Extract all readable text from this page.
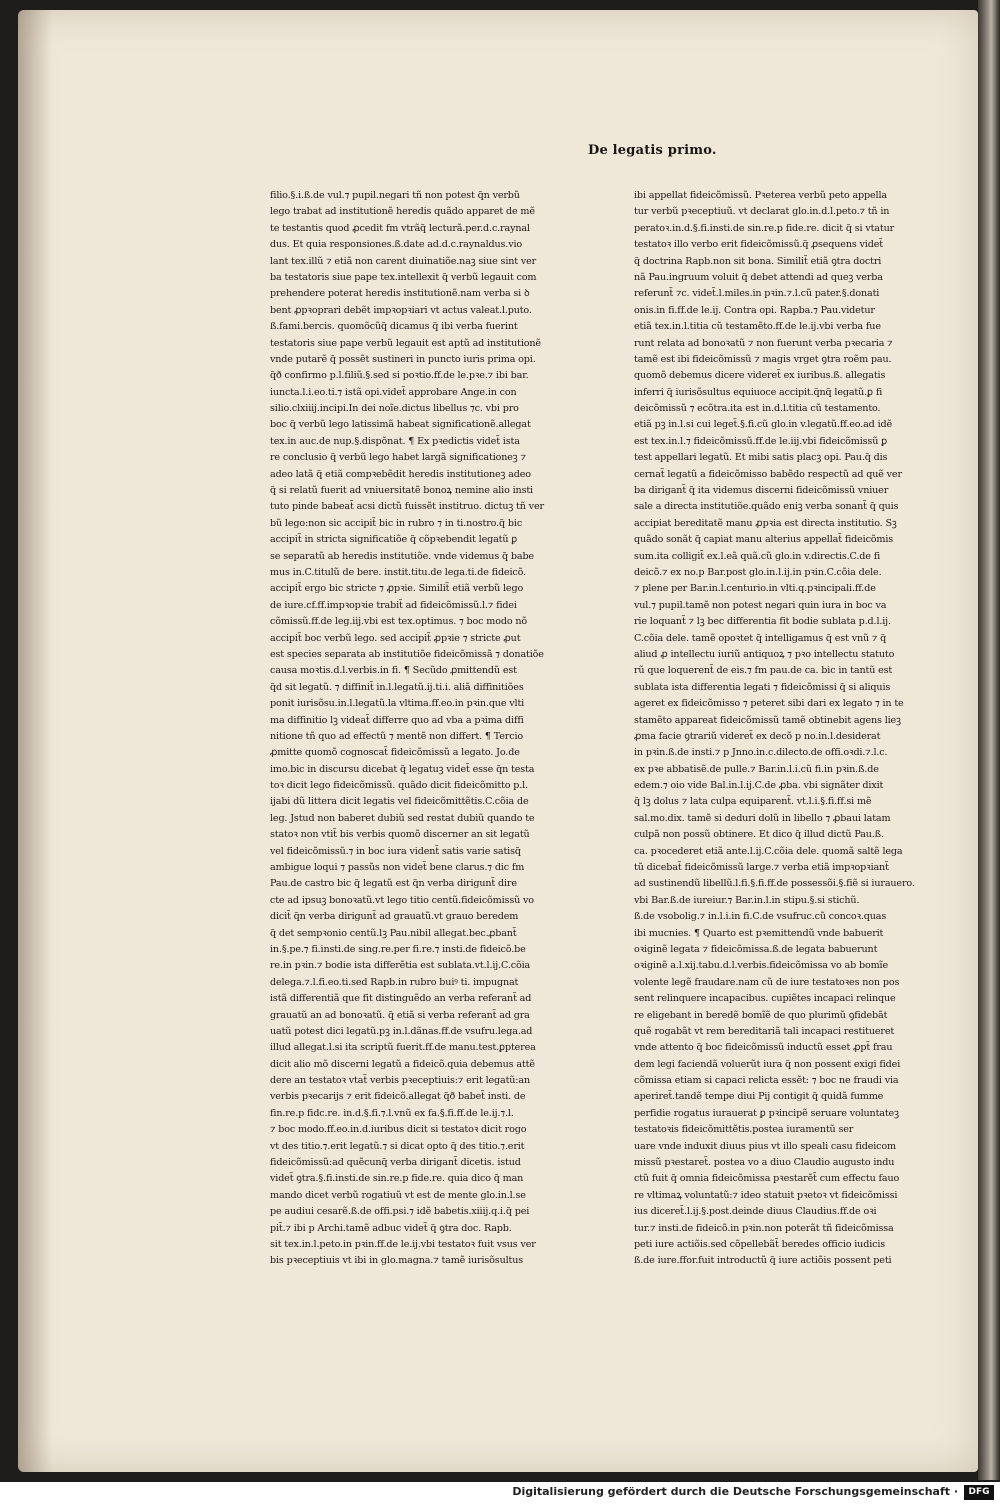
De legatis primo.
filio.§.i.ß.de vul.⁊ pupil.negari tñ non potest q̃n verbũ
lego trabat ad institutionẽ heredis quãdo apparet de mẽ
te testantis quod ꝓcedit fm vtrãq̃ lecturã.per.d.c.raynal
dus. Et quia responsiones.ß.date ad.d.c.raynaldus.vio
lant tex.illũ ⁊ etiã non carent diuinatiõe.naꝫ siue sint ver
ba testatoris siue pape tex.intellexit q̃ verbũ legauit com
prehendere poterat heredis institutionẽ.nam verba si ꝺ
bent ꝓpꝛoprari debẽt impꝛopꝛiari vt actus valeat.l.puto.
ß.fami.bercis. quomõcũq̃ dicamus q̃ ibi verba fuerint
testatoris siue pape verbũ legauit est aptũ ad institutionẽ
vnde putarẽ q̃ possẽt sustineri in puncto iuris prima opi.
q̃ð confirmo p.l.filiũ.§.sed si poꝛtio.ff.de le.pꝛe.⁊ ibi bar.
iuncta.l.i.eo.ti.⁊ istã opi.videt̃ approbare Ange.in con
silio.clxiiij.incipi.In dei noĩe.dictus libellus ⁊c. vbi pro
boc q̃ verbũ lego latissimã habeat significationẽ.allegat
tex.in auc.de nup.§.dispõnat. ¶ Ex pꝛedictis videt̃ ista
re conclusio q̃ verbũ lego habet largã significationeꝫ ⁊
adeo latã q̃ etiã compꝛebẽdit heredis institutioneꝫ adeo
q̃ si relatũ fuerit ad vniuersitatẽ bonoꝝ nemine alio insti
tuto pinde babeat̃ acsi dictũ fuissẽt institruo. dictuꝫ tñ ver
bũ lego:non sic accipit̃ bic in rubro ⁊ in ti.nostro.q̃ bic
accipit̃ in stricta significatiõe q̃ cõpꝛebendit legatũ ꝑ
se separatũ ab heredis institutiõe. vnde videmus q̃ babe
mus in.C.titulũ de bere. instit.titu.de lega.ti.de fideicõ.
accipit̃ ergo bic stricte ⁊ ꝓpꝛie. Similit̃ etiã verbũ lego
de iure.cf.ff.impꝛopꝛie trabit̃ ad fideicõmissũ.l.⁊ fidei
cõmissũ.ff.de leg.iij.vbi est tex.optimus. ⁊ boc modo nõ
accipit̃ boc verbũ lego. sed accipit̃ ꝓpꝛie ⁊ stricte ꝓut
est species separata ab institutiõe fideicõmissã ⁊ donatiõe
causa moꝛtis.d.l.verbis.in fi. ¶ Secũdo ꝓmittendũ est
q̃d sit legatũ. ⁊ diffinit̃ in.l.legatũ.ij.ti.i. aliã diffinitiões
ponit iurisõsu.in.l.legatũ.la vltima.ff.eo.in pꝛin.que vlti
ma diffinitio lꝫ videat̃ differre quo ad vba a pꝛima diffi
nitione tñ quo ad effectũ ⁊ mentẽ non differt. ¶ Tercio
ꝓmitte quomõ cognoscat̃ fideicõmissũ a legato. Jo.de
imo.bic in discursu dicebat q̃ legatuꝫ videt̃ esse q̃n testa
toꝛ dicit lego fideicõmissũ. quãdo dicit fideicõmitto p.l.
ijabi dũ littera dicit legatis vel fideicõmittẽtis.C.cõia de
leg. Jstud non baberet dubiũ sed restat dubiũ quando te
statoꝛ non vtit̃ bis verbis quomõ discerner an sit legatũ
vel fideicõmissũ.⁊ in boc iura vident̃ satis varie satisq̃
ambigue loqui ⁊ passũs non videt̃ bene clarus.⁊ dic fm
Pau.de castro bic q̃ legatũ est q̃n verba dirigunt̃ dire
cte ad ipsuꝫ bonoꝛatũ.vt lego titio centũ.fideicõmissũ vo
dicit̃ q̃n verba dirigunt̃ ad grauatũ.vt grauo beredem
q̃ det sempꝛonio centũ.lꝫ Pau.nibil allegat.bec.ꝓbant̃
in.§.pe.⁊ fi.insti.de sing.re.per fi.re.⁊ insti.de fideicõ.be
re.in pꝛin.⁊ bodie ista differẽtia est sublata.vt.l.ij.C.cõia
delega.⁊.l.fi.eo.ti.sed Rapb.in rubro buiꝰ ti. impugnat
istã differentiã que fit distinguẽdo an verba referant̃ ad
grauatũ an ad bonoꝛatũ. q̃ etiã si verba referant̃ ad gra
uatũ potest dici legatũ.pꝫ in.l.dãnas.ff.de vsufru.lega.ad
illud allegat.l.si ita scriptũ fuerit.ff.de manu.test.ꝑpterea
dicit alio mõ discerni legatũ a fideicõ.quia debemus attẽ
dere an testatoꝛ vtat̃ verbis pꝛeceptiuis:⁊ erit legatũ:an
verbis pꝛecarijs ⁊ erit fideicõ.allegat q̃ð babet̃ insti. de
fin.re.p fidc.re. in.d.§.fi.⁊.l.vnũ ex fa.§.fi.ff.de le.ij.⁊.l.
⁊ boc modo.ff.eo.in.d.iuribus dicit si testatoꝛ dicit rogo
vt des titio.⁊.erit legatũ.⁊ si dicat opto q̃ des titio.⁊.erit
fideicõmissũ:ad quẽcunq̃ verba dirigant̃ dicetis. istud
videt̃ ꝯtra.§.fi.insti.de sin.re.p fide.re. quia dico q̃ man
mando dicet verbũ rogatiuũ vt est de mente glo.in.l.se
pe audiui cesarẽ.ß.de offi.psi.⁊ idẽ babetis.xiiij.q.i.q̃ pei
pit̃.⁊ ibi p Archi.tamẽ adbuc videt̃ q̃ ꝯtra doc. Rapb.
sit tex.in.l.peto.in pꝛin.ff.de le.ij.vbi testatoꝛ fuit vsus ver
bis pꝛeceptiuis vt ibi in glo.magna.⁊ tamẽ iurisõsultus
ibi appellat fideicõmissũ. Pꝛeterea verbũ peto appella
tur verbũ pꝛeceptiuũ. vt declarat glo.in.d.l.peto.⁊ tñ in
peratoꝛ.in.d.§.fi.insti.de sin.re.p fide.re. dicit q̃ si vtatur
testatoꝛ illo verbo erit fideicõmissũ.q̃ ꝓsequens videt̃
q̃ doctrina Rapb.non sit bona. Similit̃ etiã ꝯtra doctri
nã Pau.ingruum voluit q̃ debet attendi ad queꝫ verba
referunt̃ ⁊c. videt̃.l.miles.in pꝛin.⁊.l.cũ pater.§.donati
onis.in fi.ff.de le.ij. Contra opi. Rapba.⁊ Pau.videtur
etiã tex.in.l.titia cũ testamẽto.ff.de le.ij.vbi verba fue
runt relata ad bonoꝛatũ ⁊ non fuerunt verba pꝛecaria ⁊
tamẽ est ibi fideicõmissũ ⁊ magis vrget ꝯtra roẽm pau.
quomõ debemus dicere videret̃ ex iuribus.ß. allegatis
inferri q̃ iurisõsultus equiuoce accipit.q̃nq̃ legatũ.ꝑ fi
deicõmissũ ⁊ ecõtra.ita est in.d.l.titia cũ testamento.
etiã pꝫ in.l.si cui leget̃.§.fi.cũ glo.in v.legatũ.ff.eo.ad idẽ
est tex.in.l.⁊ fideicõmissũ.ff.de le.iij.vbi fideicõmissũ ꝑ
test appellari legatũ. Et mibi satis placꝫ opi. Pau.q̃ dis
cernat̃ legatũ a fideicõmisso babẽdo respectũ ad quẽ ver
ba dirigant̃ q̃ ita videmus discerni fideicõmissũ vniuer
sale a directa institutiõe.quãdo eniꝫ verba sonant̃ q̃ quis
accipiat bereditatẽ manu ꝓpꝛia est directa institutio. Sꝫ
quãdo sonãt q̃ capiat manu alterius appellat̃ fideicõmis
sum.ita colligit̃ ex.l.eã quã.cũ glo.in v.directis.C.de fi
deicõ.⁊ ex no.p Bar.post glo.in.l.ij.in pꝛin.C.cõia dele.
⁊ plene per Bar.in.l.centurio.in vlti.q.pꝛincipali.ff.de
vul.⁊ pupil.tamẽ non potest negari quin iura in boc va
rie loquant̃ ⁊ lꝫ bec differentia fit bodie sublata p.d.l.ij.
C.cõia dele. tamẽ opoꝛtet q̃ intelligamus q̃ est vnũ ⁊ q̃
aliud ꝓ intellectu iuriũ antiquoꝝ ⁊ pꝛo intellectu statuto
rũ que loquerent̃ de eis.⁊ fm pau.de ca. bic in tantũ est
sublata ista differentia legati ⁊ fideicõmissi q̃ si aliquis
ageret ex fideicõmisso ⁊ peteret sibi dari ex legato ⁊ in te
stamẽto appareat fideicõmissũ tamẽ obtinebit agens lieꝫ
ꝓma facie ꝯtrariũ videret̃ ex decõ p no.in.l.desiderat
in pꝛin.ß.de insti.⁊ p Jnno.in.c.dilecto.de offi.oꝛdi.⁊.l.c.
ex pꝛe abbatisẽ.de pulle.⁊ Bar.in.l.i.cũ fi.in pꝛin.ß.de
edem.⁊ oio vide Bal.in.l.ij.C.de ꝓba. vbi signãter dixit
q̃ lꝫ dolus ⁊ lata culpa equiparent̃. vt.l.i.§.fi.ff.si mẽ
sal.mo.dix. tamẽ si deduri dolũ in libello ⁊ ꝓbaui latam
culpã non possũ obtinere. Et dico q̃ illud dictũ Pau.ß.
ca. pꝛocederet etiã ante.l.ij.C.cõia dele. quomã saltẽ lega
tũ dicebat̃ fideicõmissũ large.⁊ verba etiã impꝛopꝛiant̃
ad sustinendũ libellũ.l.fi.§.fi.ff.de possessõi.§.fiẽ si iurauero.
vbi Bar.ß.de iureiur.⁊ Bar.in.l.in stipu.§.si stichũ.
ß.de vsobolig.⁊ in.l.i.in fi.C.de vsufruc.cũ concoꝛ.quas
ibi mucnies. ¶ Quarto est pꝛemittendũ vnde babuerit
oꝛiginẽ legata ⁊ fideicõmissa.ß.de legata babuerunt
oꝛiginẽ a.l.xij.tabu.d.l.verbis.fideicõmissa vo ab bomĩe
volente legẽ fraudare.nam cũ de iure testatoꝛes non pos
sent relinquere incapacibus. cupiẽtes incapaci relinque
re eligebant in beredẽ bomĩẽ de quo plurimũ ꝯfidebãt
quẽ rogabãt vt rem bereditariã tali incapaci restitueret
vnde attento q̃ boc fideicõmissũ inductũ esset ꝓpt̃ frau
dem legi faciendã voluerũt iura q̃ non possent exigi fidei
cõmissa etiam si capaci relicta essẽt: ⁊ boc ne fraudi via
aperiret̃.tandẽ tempe diui Pij contigit q̃ quidã fumme
perfidie rogatus iurauerat ꝑ pꝛincipẽ seruare voluntateꝫ
testatoꝛis fideicõmittẽtis.postea iuramentũ ser
uare vnde induxit diuus pius vt illo speali casu fideicom
missũ pꝛestaret̃. postea vo a diuo Claudio augusto indu
ctũ fuit q̃ omnia fideicõmissa pꝛestarẽt̃ cum effectu fauo
re vltimaꝝ voluntatũ:⁊ ideo statuit pꝛetoꝛ vt fideicõmissi
ius diceret̃.l.ij.§.post.deinde diuus Claudius.ff.de oꝛi
tur.⁊ insti.de fideicõ.in pꝛin.non poterãt tñ fideicõmissa
peti iure actiõis.sed cõpellebãt̃ beredes officio iudicis
ß.de iure.ffor.fuit introductũ q̃ iure actiõis possent peti
Digitalisierung gefördert durch die Deutsche Forschungsgemeinschaft ·	DFG
